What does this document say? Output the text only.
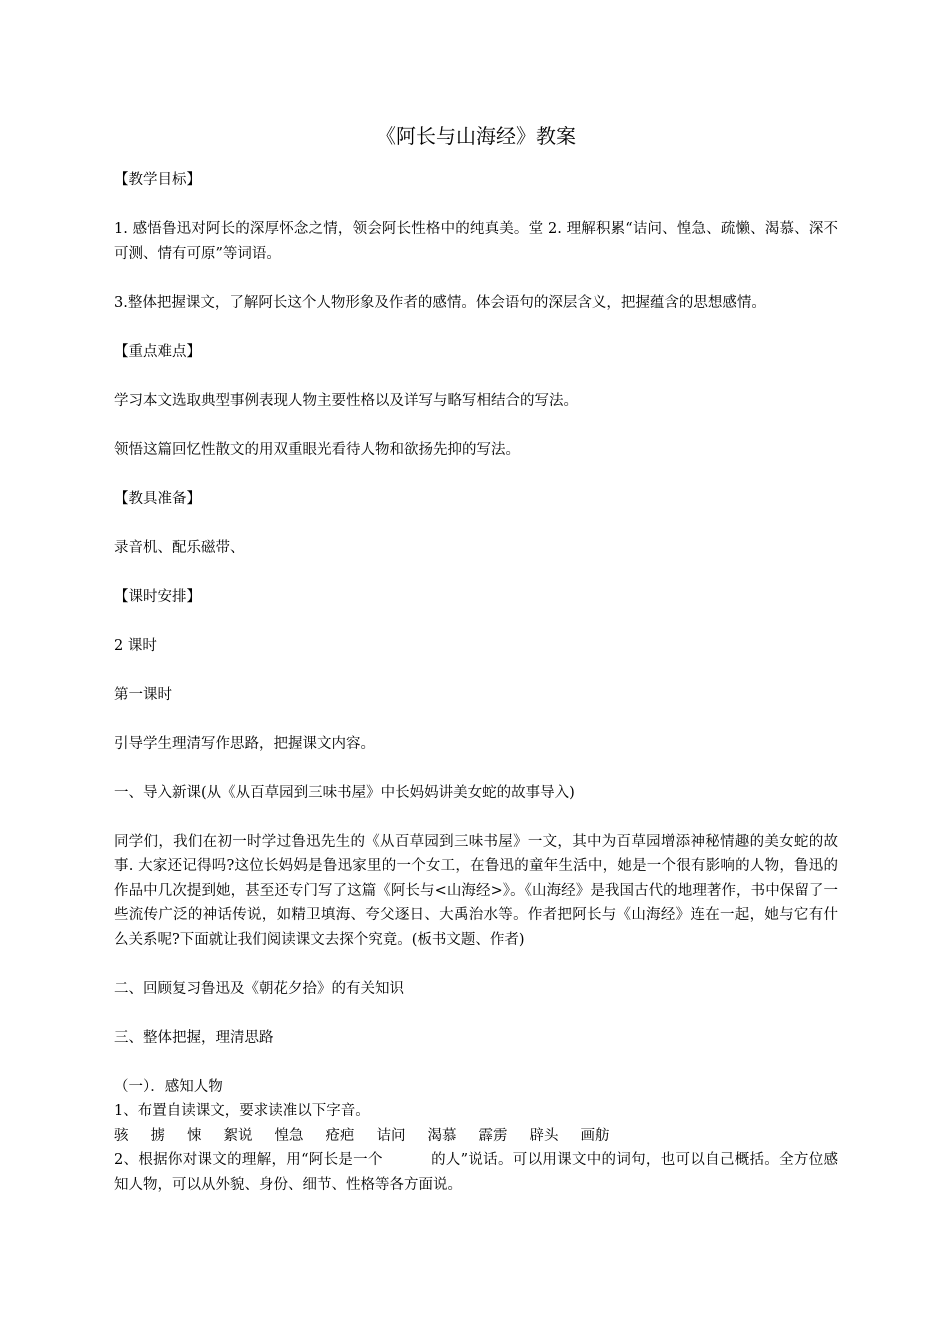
《阿长与山海经》教案
【教学目标】
1. 感悟鲁迅对阿长的深厚怀念之情，领会阿长性格中的纯真美。堂 2. 理解积累“诘问、惶急、疏懒、渴慕、深不可测、情有可原”等词语。
3.整体把握课文，了解阿长这个人物形象及作者的感情。体会语句的深层含义，把握蕴含的思想感情。
【重点难点】
学习本文选取典型事例表现人物主要性格以及详写与略写相结合的写法。
领悟这篇回忆性散文的用双重眼光看待人物和欲扬先抑的写法。
【教具准备】
录音机、配乐磁带、
【课时安排】
2 课时
第一课时
引导学生理清写作思路，把握课文内容。
一、导入新课(从《从百草园到三味书屋》中长妈妈讲美女蛇的故事导入)
同学们，我们在初一时学过鲁迅先生的《从百草园到三味书屋》一文，其中为百草园增添神秘情趣的美女蛇的故事. 大家还记得吗?这位长妈妈是鲁迅家里的一个女工，在鲁迅的童年生活中，她是一个很有影响的人物，鲁迅的作品中几次提到她，甚至还专门写了这篇《阿长与<山海经>》。《山海经》是我国古代的地理著作，书中保留了一些流传广泛的神话传说，如精卫填海、夸父逐日、大禹治水等。作者把阿长与《山海经》连在一起，她与它有什么关系呢?下面就让我们阅读课文去探个究竟。(板书文题、作者)
二、回顾复习鲁迅及《朝花夕拾》的有关知识
三、整体把握，理清思路
（一）．感知人物
1、布置自读课文，要求读准以下字音。
骇 掳 悚 絮说 惶急 疮疤 诘问 渴慕 霹雳 辟头 画舫
2、根据你对课文的理解，用“阿长是一个	的人”说话。可以用课文中的词句，也可以自己概括。全方位感知人物，可以从外貌、身份、细节、性格等各方面说。
